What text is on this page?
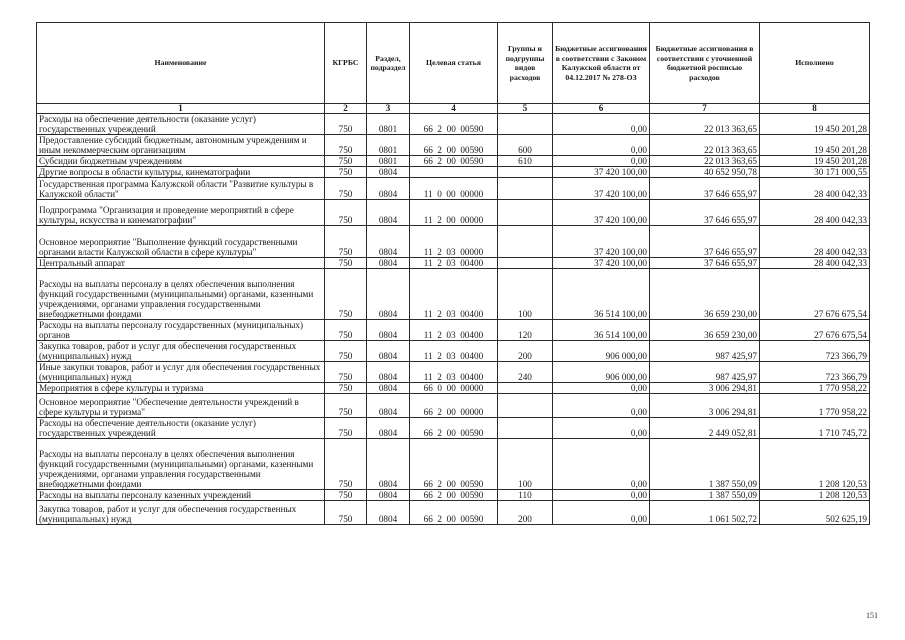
Наименование	КГРБС	Раздел, подраздел	Целевая статья	Группы и подгруппы видов расходов	Бюджетные ассигнования в соответствии с Законом Калужской области от 04.12.2017 № 278-ОЗ	Бюджетные ассигнования в соответствии с уточненной бюджетной росписью расходов	Исполнено
1	2	3	4	5	6	7	8
Расходы на обеспечение деятельности (оказание услуг) государственных учреждений	750	0801	66  2  00  00590		0,00	22 013 363,65	19 450 201,28
Предоставление субсидий бюджетным, автономным учреждениям и иным некоммерческим организациям	750	0801	66  2  00  00590	600	0,00	22 013 363,65	19 450 201,28
Субсидии бюджетным учреждениям	750	0801	66  2  00  00590	610	0,00	22 013 363,65	19 450 201,28
Другие вопросы в области культуры, кинематографии	750	0804			37 420 100,00	40 652 950,78	30 171 000,55
Государственная программа Калужской области "Развитие культуры в Калужской области"	750	0804	11  0  00  00000		37 420 100,00	37 646 655,97	28 400 042,33
Подпрограмма "Организация и проведение мероприятий в сфере культуры, искусства и кинематографии"	750	0804	11  2  00  00000		37 420 100,00	37 646 655,97	28 400 042,33
Основное мероприятие "Выполнение функций государственными органами власти Калужской области в сфере культуры"	750	0804	11  2  03  00000		37 420 100,00	37 646 655,97	28 400 042,33
Центральный аппарат	750	0804	11  2  03  00400		37 420 100,00	37 646 655,97	28 400 042,33
Расходы на выплаты персоналу в целях обеспечения выполнения функций государственными (муниципальными) органами, казенными учреждениями, органами управления государственными внебюджетными фондами	750	0804	11  2  03  00400	100	36 514 100,00	36 659 230,00	27 676 675,54
Расходы на выплаты персоналу государственных (муниципальных) органов	750	0804	11  2  03  00400	120	36 514 100,00	36 659 230,00	27 676 675,54
Закупка товаров, работ и услуг для обеспечения государственных (муниципальных) нужд	750	0804	11  2  03  00400	200	906 000,00	987 425,97	723 366,79
Иные закупки товаров, работ и услуг для обеспечения государственных (муниципальных) нужд	750	0804	11  2  03  00400	240	906 000,00	987 425,97	723 366,79
Мероприятия в сфере культуры и туризма	750	0804	66  0  00  00000		0,00	3 006 294,81	1 770 958,22
Основное мероприятие "Обеспечение деятельности учреждений в сфере культуры и туризма"	750	0804	66  2  00  00000		0,00	3 006 294,81	1 770 958,22
Расходы на обеспечение деятельности (оказание услуг) государственных учреждений	750	0804	66  2  00  00590		0,00	2 449 052,81	1 710 745,72
Расходы на выплаты персоналу в целях обеспечения выполнения функций государственными (муниципальными) органами, казенными учреждениями, органами управления государственными внебюджетными фондами	750	0804	66  2  00  00590	100	0,00	1 387 550,09	1 208 120,53
Расходы на выплаты персоналу казенных учреждений	750	0804	66  2  00  00590	110	0,00	1 387 550,09	1 208 120,53
Закупка товаров, работ и услуг для обеспечения государственных (муниципальных) нужд	750	0804	66  2  00  00590	200	0,00	1 061 502,72	502 625,19
151
